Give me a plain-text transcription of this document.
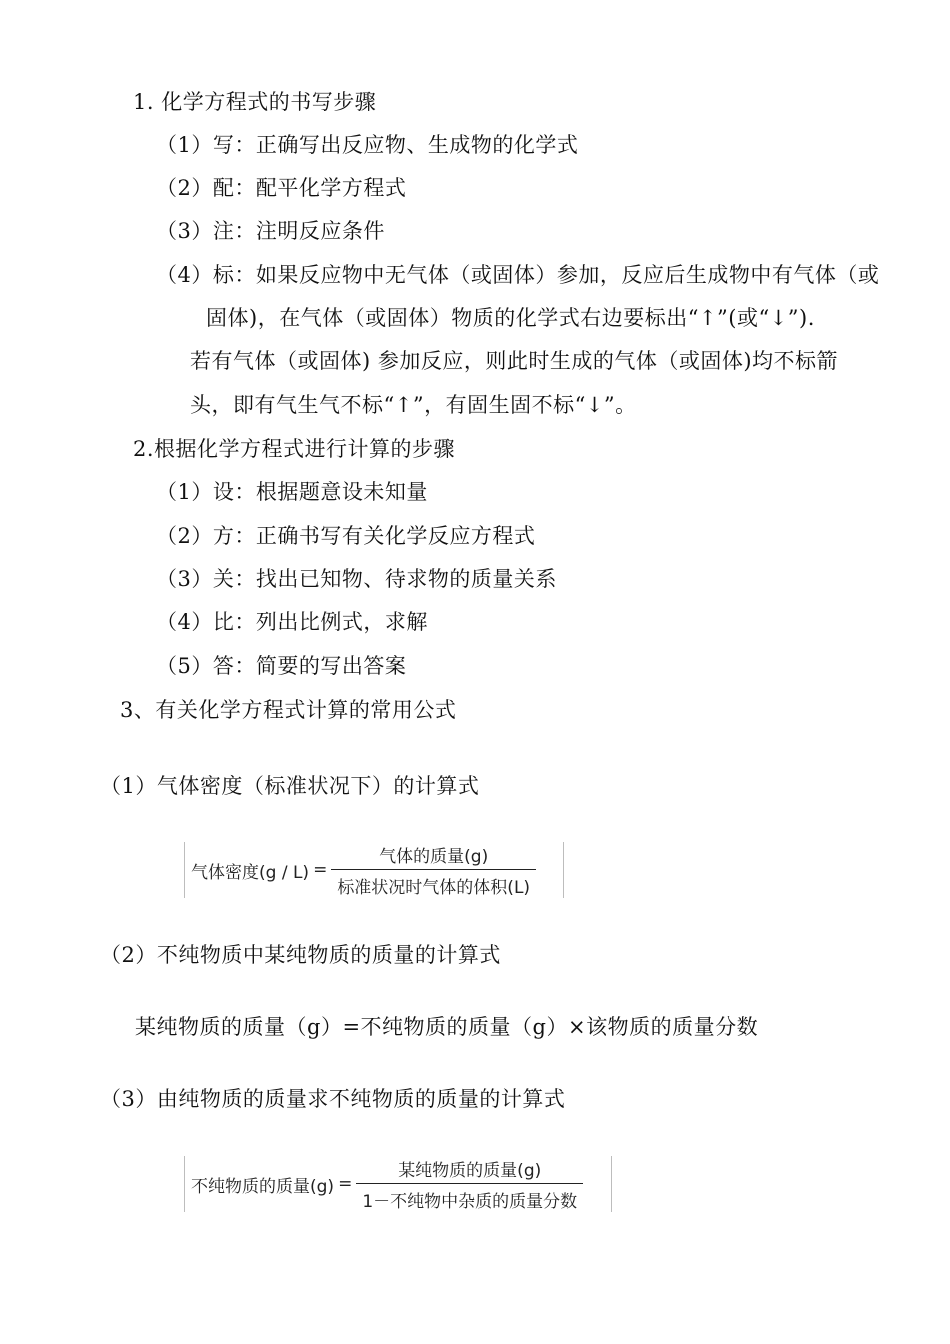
1. 化学方程式的书写步骤
（1）写：正确写出反应物、生成物的化学式
（2）配：配平化学方程式
（3）注：注明反应条件
（4）标：如果反应物中无气体（或固体）参加，反应后生成物中有气体（或
固体)，在气体（或固体）物质的化学式右边要标出“↑”(或“↓”).
若有气体（或固体) 参加反应，则此时生成的气体（或固体)均不标箭
头，即有气生气不标“↑”，有固生固不标“↓”。
2.根据化学方程式进行计算的步骤
（1）设：根据题意设未知量
（2）方：正确书写有关化学反应方程式
（3）关：找出已知物、待求物的质量关系
（4）比：列出比例式，求解
（5）答：简要的写出答案
3、有关化学方程式计算的常用公式
（1）气体密度（标准状况下）的计算式
气体密度$(g / L) = \frac{\text{气体的质量(g)}}{\text{标准状况时气体的体积(L)}}$
（2）不纯物质中某纯物质的质量的计算式
某纯物质的质量（g）=不纯物质的质量（g）×该物质的质量分数
（3）由纯物质的质量求不纯物质的质量的计算式
不纯物质的质量$(g) = \frac{\text{某纯物质的质量(g)}}{\text{1－不纯物中杂质的质量分数}}$
